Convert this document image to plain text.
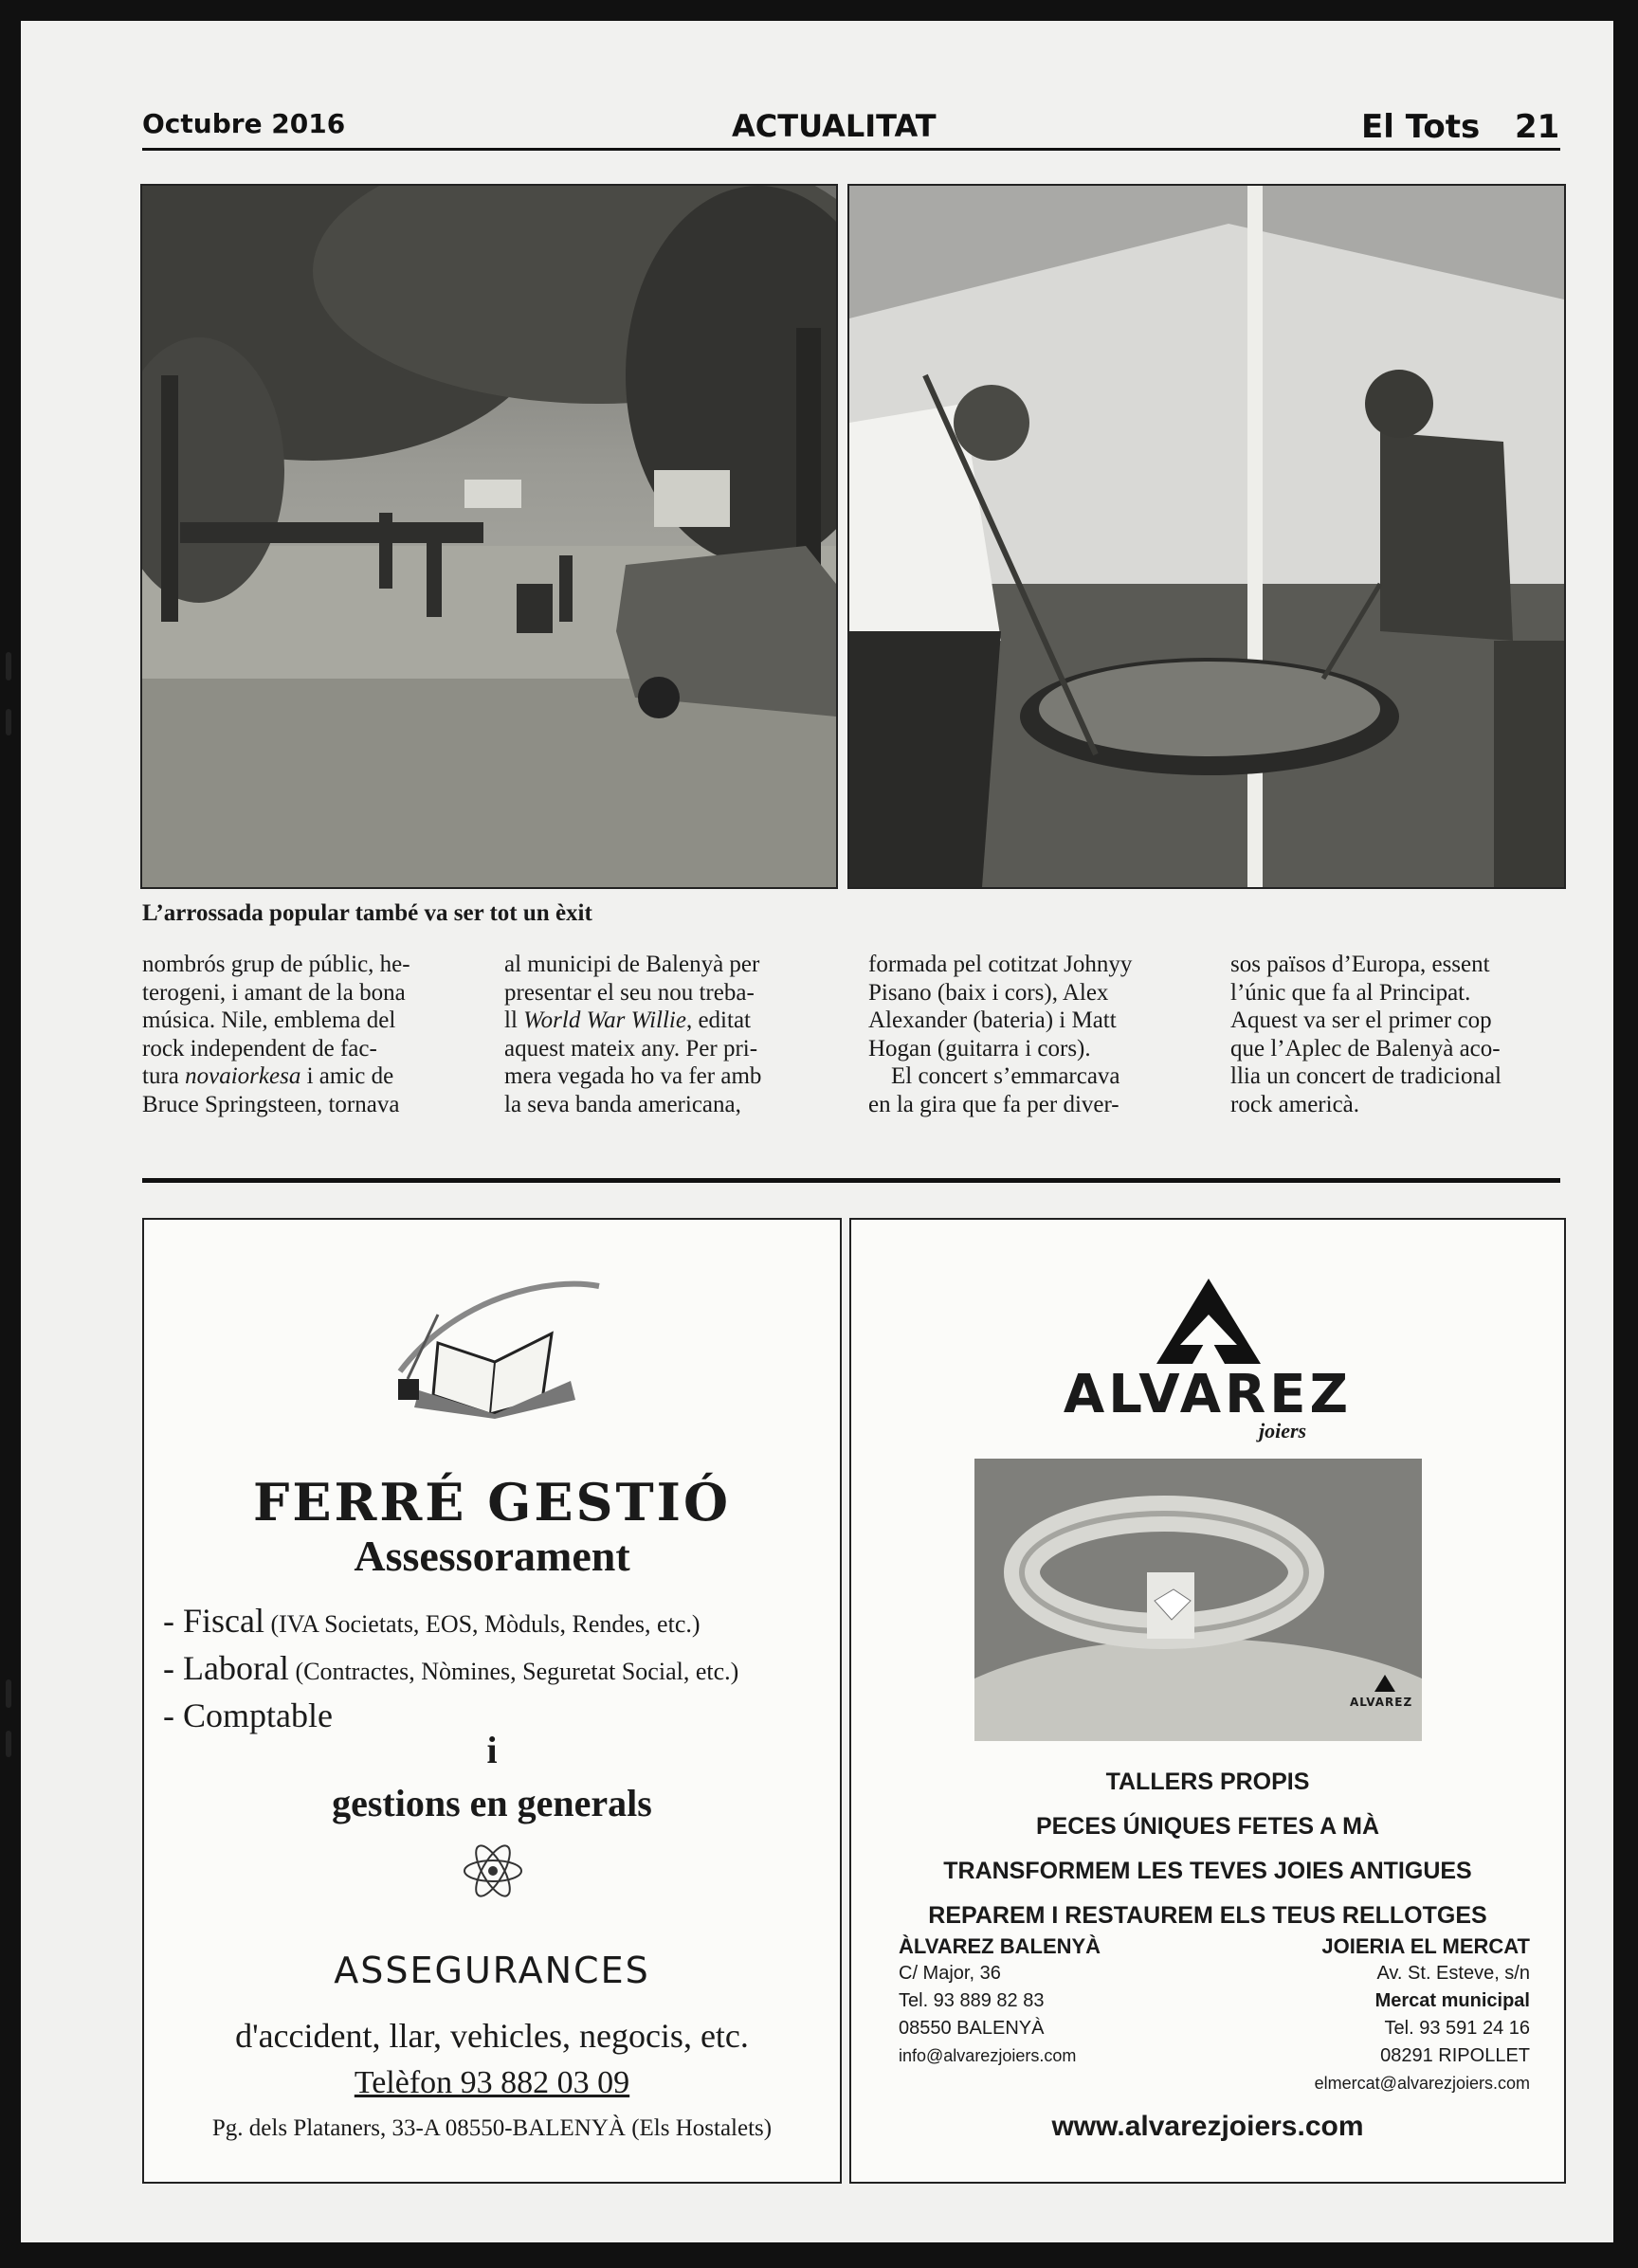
Octubre 2016	ACTUALITAT	El Tots 21
L’arrossada popular també va ser tot un èxit

nombrós grup de públic, he-

terogeni, i amant de la bona

música. Nile, emblema del

rock independent de fac-

tura novaiorkesa i amic de

Bruce Springsteen, tornava

al municipi de Balenyà per

presentar el seu nou treba-

ll World War Willie, editat

aquest mateix any. Per pri-

mera vegada ho va fer amb

la seva banda americana,

formada pel cotitzat Johnyy

Pisano (baix i cors), Alex

Alexander (bateria) i Matt

Hogan (guitarra i cors).

El concert s’emmarcava

en la gira que fa per diver-

sos països d’Europa, essent

l’únic que fa al Principat.

Aquest va ser el primer cop

que l’Aplec de Balenyà aco-

llia un concert de tradicional

rock americà.

FERRÉ GESTIÓ
Assessorament
- Fiscal (IVA Societats, EOS, Mòduls, Rendes, etc.)
- Laboral (Contractes, Nòmines, Seguretat Social, etc.)
- Comptable
i
gestions en generals
ASSEGURANCES
d'accident, llar, vehicles, negocis, etc.
Telèfon 93 882 03 09
Pg. dels Plataners, 33-A 08550-BALENYÀ (Els Hostalets)
ALVAREZ
joiers
ALVAREZ
TALLERS PROPIS
PECES ÚNIQUES FETES A MÀ
TRANSFORMEM LES TEVES JOIES ANTIGUES
REPAREM I RESTAUREM ELS TEUS RELLOTGES
ÀLVAREZ BALENYÀ
C/ Major, 36
Tel. 93 889 82 83
08550 BALENYÀ
info@alvarezjoiers.com
JOIERIA EL MERCAT
Av. St. Esteve, s/n
Mercat municipal
Tel. 93 591 24 16
08291 RIPOLLET
elmercat@alvarezjoiers.com
www.alvarezjoiers.com
